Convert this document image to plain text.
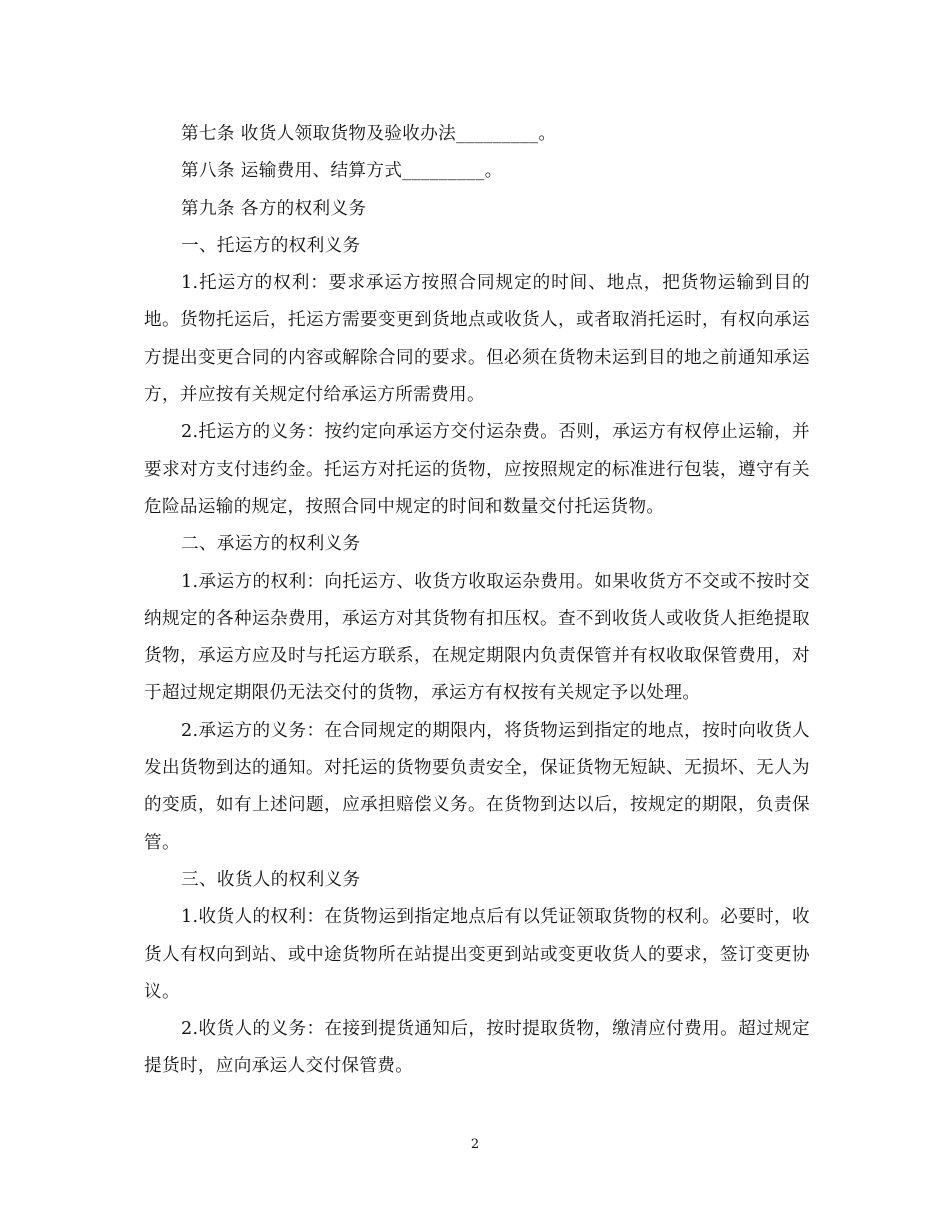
第七条 收货人领取货物及验收办法_________。

第八条 运输费用、结算方式_________。

第九条 各方的权利义务

一、托运方的权利义务

1.托运方的权利：要求承运方按照合同规定的时间、地点，把货物运输到目的地。货物托运后，托运方需要变更到货地点或收货人，或者取消托运时，有权向承运方提出变更合同的内容或解除合同的要求。但必须在货物未运到目的地之前通知承运方，并应按有关规定付给承运方所需费用。

2.托运方的义务：按约定向承运方交付运杂费。否则，承运方有权停止运输，并要求对方支付违约金。托运方对托运的货物，应按照规定的标准进行包装，遵守有关危险品运输的规定，按照合同中规定的时间和数量交付托运货物。

二、承运方的权利义务

1.承运方的权利：向托运方、收货方收取运杂费用。如果收货方不交或不按时交纳规定的各种运杂费用，承运方对其货物有扣压权。查不到收货人或收货人拒绝提取货物，承运方应及时与托运方联系，在规定期限内负责保管并有权收取保管费用，对于超过规定期限仍无法交付的货物，承运方有权按有关规定予以处理。

2.承运方的义务：在合同规定的期限内，将货物运到指定的地点，按时向收货人发出货物到达的通知。对托运的货物要负责安全，保证货物无短缺、无损坏、无人为的变质，如有上述问题，应承担赔偿义务。在货物到达以后，按规定的期限，负责保管。

三、收货人的权利义务

1.收货人的权利：在货物运到指定地点后有以凭证领取货物的权利。必要时，收货人有权向到站、或中途货物所在站提出变更到站或变更收货人的要求，签订变更协议。

2.收货人的义务：在接到提货通知后，按时提取货物，缴清应付费用。超过规定提货时，应向承运人交付保管费。

2
